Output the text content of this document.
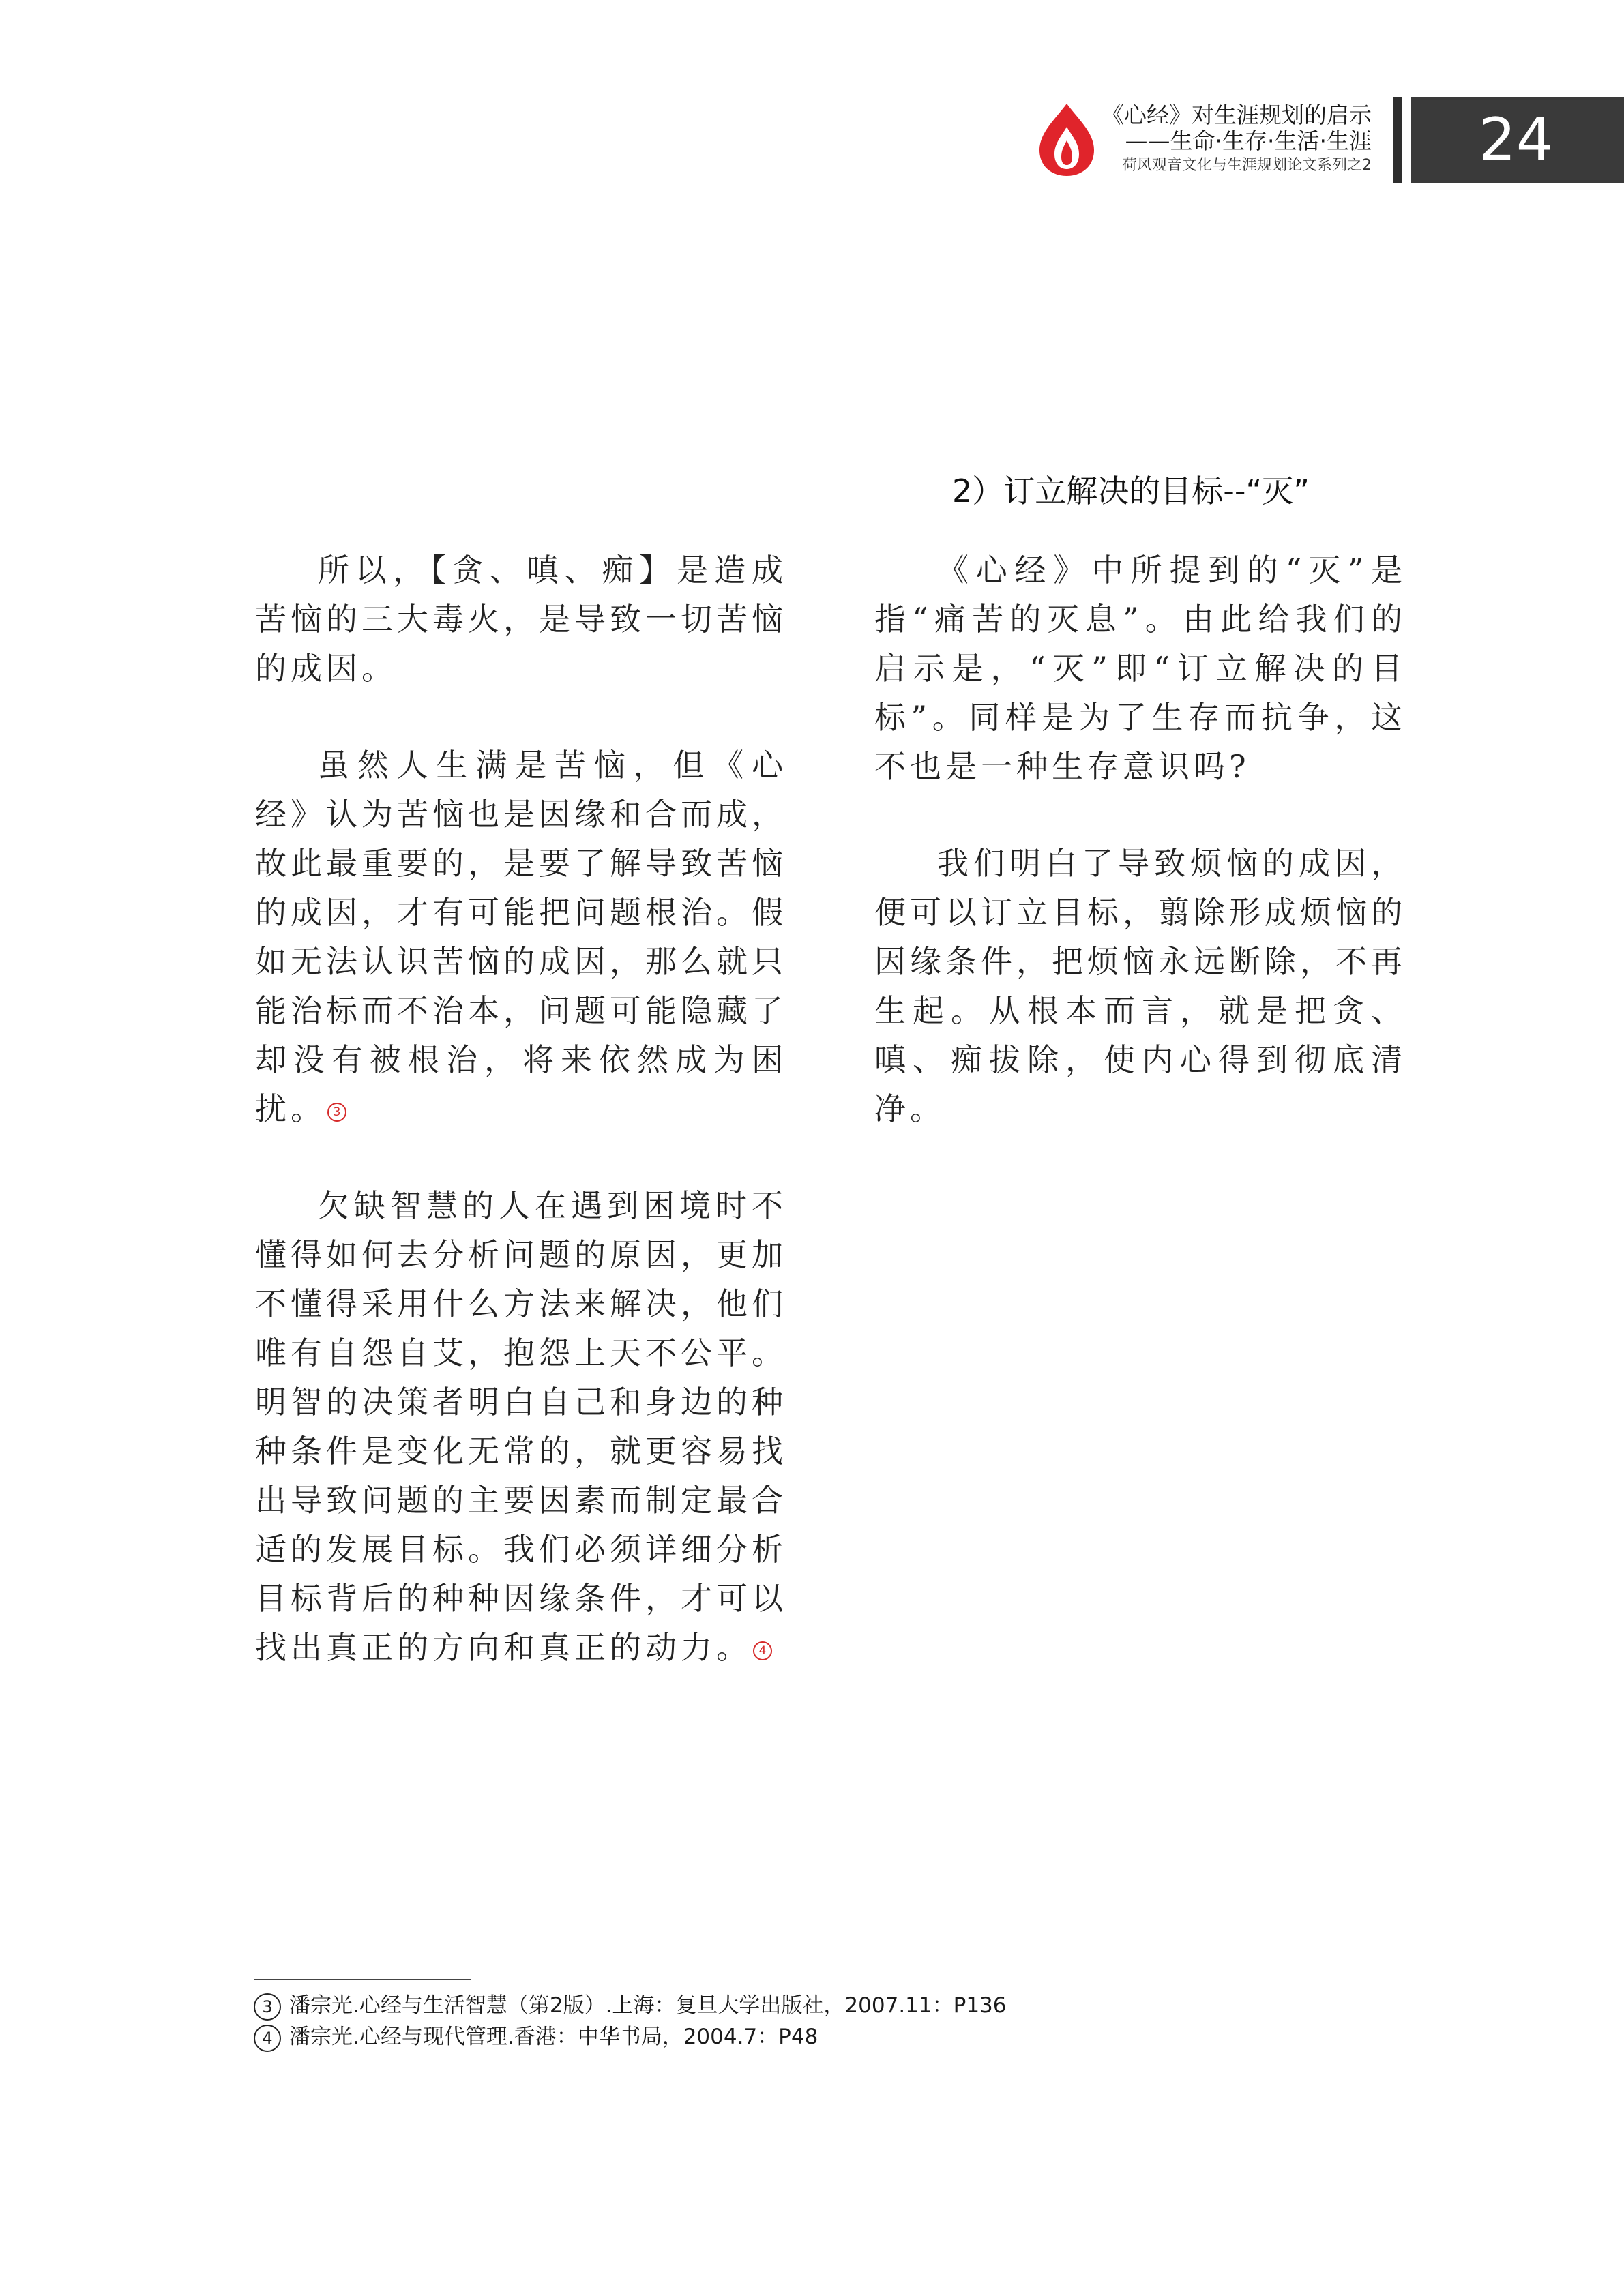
《心经》对生涯规划的启示
——生命·生存·生活·生涯
荷风观音文化与生涯规划论文系列之2	24
2）订立解决的目标--“灭”

所以，【贪、嗔、痴】是造成苦恼的三大毒火，是导致一切苦恼的成因。

虽然人生满是苦恼，但《心经》认为苦恼也是因缘和合而成，故此最重要的，是要了解导致苦恼的成因，才有可能把问题根治。假如无法认识苦恼的成因，那么就只能治标而不治本，问题可能隐藏了却没有被根治，将来依然成为困扰。 3

欠缺智慧的人在遇到困境时不懂得如何去分析问题的原因，更加不懂得采用什么方法来解决，他们唯有自怨自艾，抱怨上天不公平。明智的决策者明白自己和身边的种种条件是变化无常的，就更容易找出导致问题的主要因素而制定最合适的发展目标。我们必须详细分析目标背后的种种因缘条件，才可以找出真正的方向和真正的动力。 4

《心经》中所提到的“灭”是指“痛苦的灭息”。由此给我们的启示是，“灭”即“订立解决的目标”。同样是为了生存而抗争，这不也是一种生存意识吗?

我们明白了导致烦恼的成因，便可以订立目标，翦除形成烦恼的因缘条件，把烦恼永远断除，不再生起。从根本而言，就是把贪、嗔、痴拔除，使内心得到彻底清净。

3 潘宗光.心经与生活智慧（第2版）.上海：复旦大学出版社，2007.11：P136
4 潘宗光.心经与现代管理.香港：中华书局，2004.7：P48
